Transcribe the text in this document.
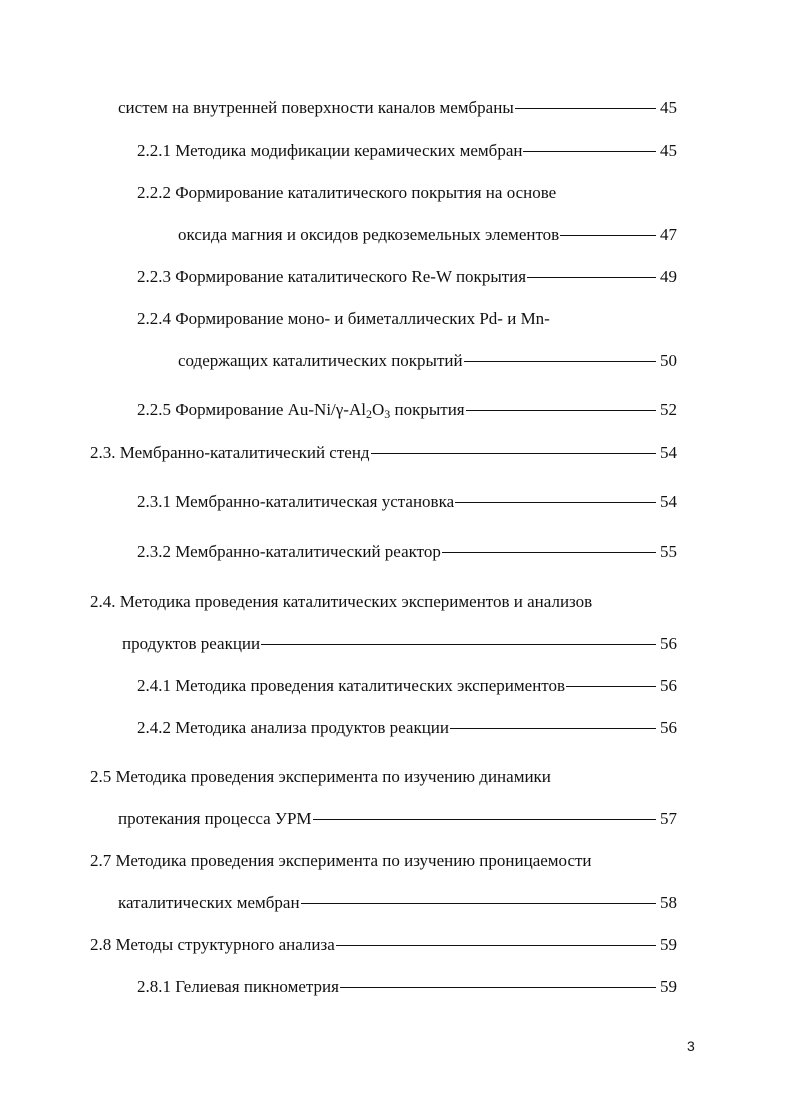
систем на внутренней поверхности каналов мембраны	45
2.2.1 Методика модификации керамических мембран	45
2.2.2 Формирование каталитического покрытия на основе
оксида магния и оксидов редкоземельных элементов	47
2.2.3 Формирование каталитического Re-W покрытия	49
2.2.4 Формирование моно- и биметаллических Pd- и Mn-
содержащих каталитических покрытий	50
2.2.5 Формирование $Au-Ni/\gamma-Al_2O_3$ покрытия	52
2.3. Мембранно-каталитический стенд	54
2.3.1 Мембранно-каталитическая установка	54
2.3.2 Мембранно-каталитический реактор	55
2.4. Методика проведения каталитических экспериментов и анализов
продуктов реакции	56
2.4.1 Методика проведения каталитических экспериментов	56
2.4.2 Методика анализа продуктов реакции	56
2.5 Методика проведения эксперимента по изучению динамики
протекания процесса УРМ	57
2.7 Методика проведения эксперимента по изучению проницаемости
каталитических мембран	58
2.8 Методы структурного анализа	59
2.8.1 Гелиевая пикнометрия	59
3
